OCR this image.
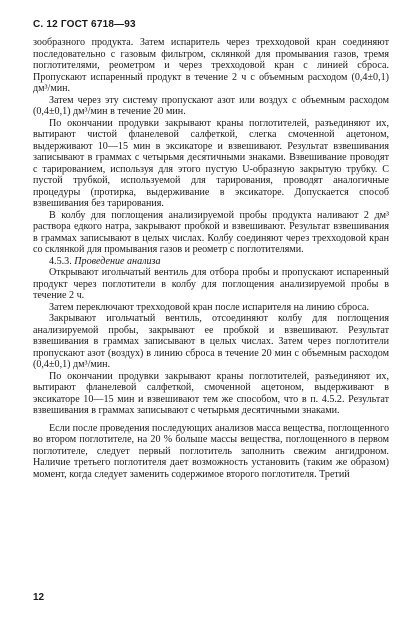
С. 12 ГОСТ 6718—93

зообразного продукта. Затем испаритель через трехходовой кран соединяют последовательно с газовым фильтром, склянкой для промывания газов, тремя поглотителями, реометром и через трехходовой кран с линией сброса. Пропускают испаренный продукт в течение 2 ч с объемным расходом (0,4±0,1) дм³/мин.

Затем через эту систему пропускают азот или воздух с объемным расходом (0,4±0,1) дм³/мин в течение 20 мин.

По окончании продувки закрывают краны поглотителей, разъединяют их, вытирают чистой фланелевой салфеткой, слегка смоченной ацетоном, выдерживают 10—15 мин в эксикаторе и взвешивают. Результат взвешивания записывают в граммах с четырьмя десятичными знаками. Взвешивание проводят с тарированием, используя для этого пустую U-образную закрытую трубку. С пустой трубкой, используемой для тарирования, проводят аналогичные процедуры (протирка, выдерживание в эксикаторе. Допускается способ взвешивания без тарирования.

В колбу для поглощения анализируемой пробы продукта наливают 2 дм³ раствора едкого натра, закрывают пробкой и взвешивают. Результат взвешивания в граммах записывают в целых числах. Колбу соединяют через трехходовой кран со склянкой для промывания газов и реометр с поглотителями.

4.5.3. Проведение анализа

Открывают игольчатый вентиль для отбора пробы и пропускают испаренный продукт через поглотители в колбу для поглощения анализируемой пробы в течение 2 ч.

Затем переключают трехходовой кран после испарителя на линию сброса.

Закрывают игольчатый вентиль, отсоединяют колбу для поглощения анализируемой пробы, закрывают ее пробкой и взвешивают. Результат взвешивания в граммах записывают в целых числах. Затем через поглотители пропускают азот (воздух) в линию сброса в течение 20 мин с объемным расходом (0,4±0,1) дм³/мин.

По окончании продувки закрывают краны поглотителей, разъединяют их, вытирают фланелевой салфеткой, смоченной ацетоном, выдерживают в эксикаторе 10—15 мин и взвешивают тем же способом, что в п. 4.5.2. Результат взвешивания в граммах записывают с четырьмя десятичными знаками.

Если после проведения последующих анализов масса вещества, поглощенного во втором поглотителе, на 20 % больше массы вещества, поглощенного в первом поглотителе, следует первый поглотитель заполнить свежим ангидроном. Наличие третьего поглотителя дает возможность установить (таким же образом) момент, когда следует заменить содержимое второго поглотителя. Третий

12
